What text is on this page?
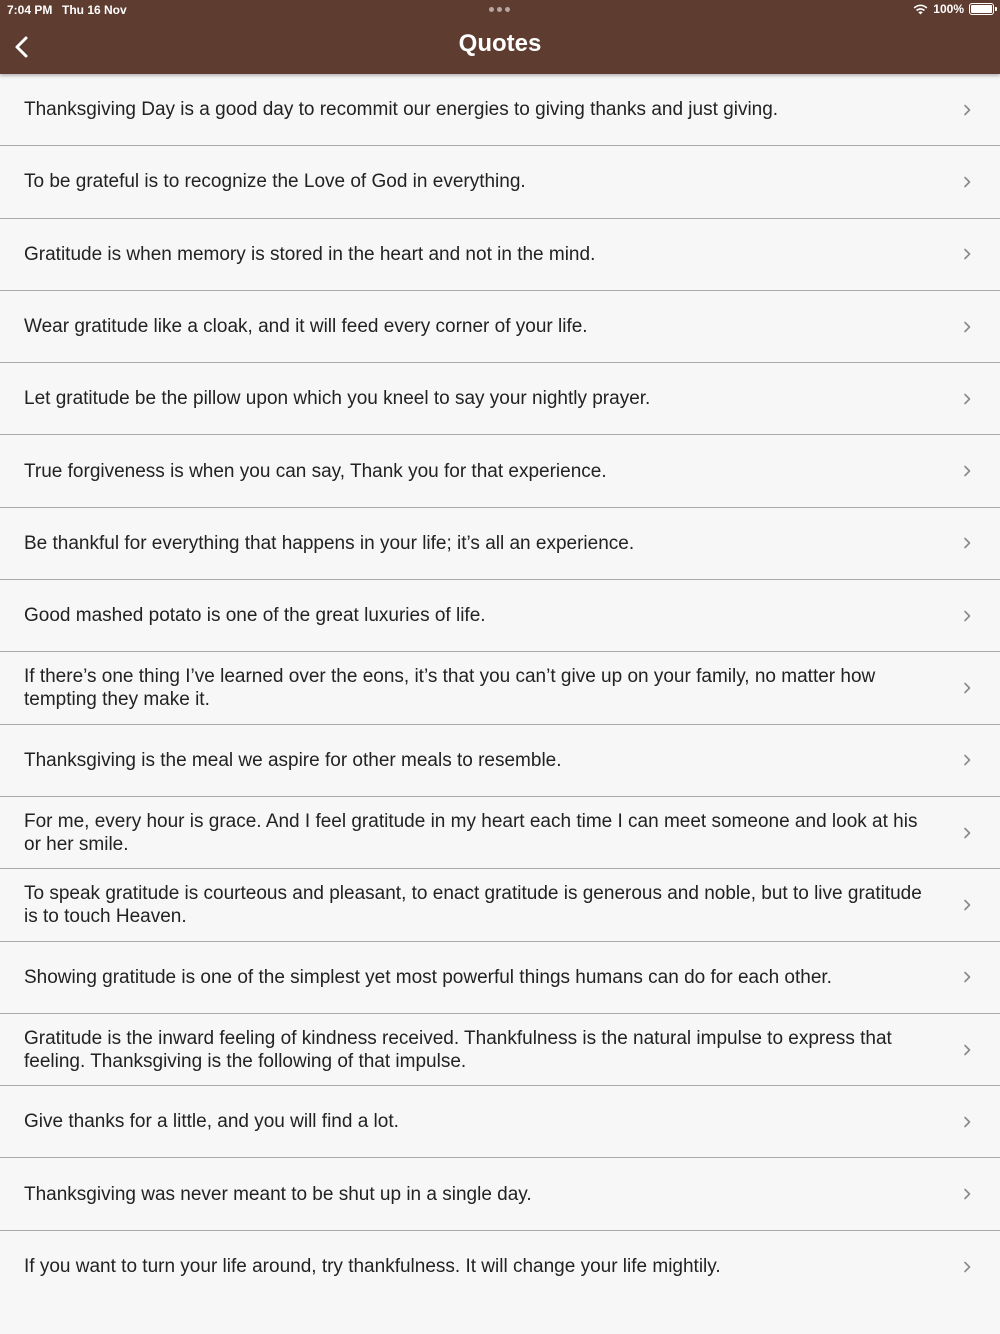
7:04 PM Thu 16 Nov	100%
Quotes
Thanksgiving Day is a good day to recommit our energies to giving thanks and just giving.
To be grateful is to recognize the Love of God in everything.
Gratitude is when memory is stored in the heart and not in the mind.
Wear gratitude like a cloak, and it will feed every corner of your life.
Let gratitude be the pillow upon which you kneel to say your nightly prayer.
True forgiveness is when you can say, Thank you for that experience.
Be thankful for everything that happens in your life; it’s all an experience.
Good mashed potato is one of the great luxuries of life.
If there’s one thing I’ve learned over the eons, it’s that you can’t give up on your family, no matter how tempting they make it.
Thanksgiving is the meal we aspire for other meals to resemble.
For me, every hour is grace. And I feel gratitude in my heart each time I can meet someone and look at his or her smile.
To speak gratitude is courteous and pleasant, to enact gratitude is generous and noble, but to live gratitude is to touch Heaven.
Showing gratitude is one of the simplest yet most powerful things humans can do for each other.
Gratitude is the inward feeling of kindness received. Thankfulness is the natural impulse to express that feeling. Thanksgiving is the following of that impulse.
Give thanks for a little, and you will find a lot.
Thanksgiving was never meant to be shut up in a single day.
If you want to turn your life around, try thankfulness. It will change your life mightily.
